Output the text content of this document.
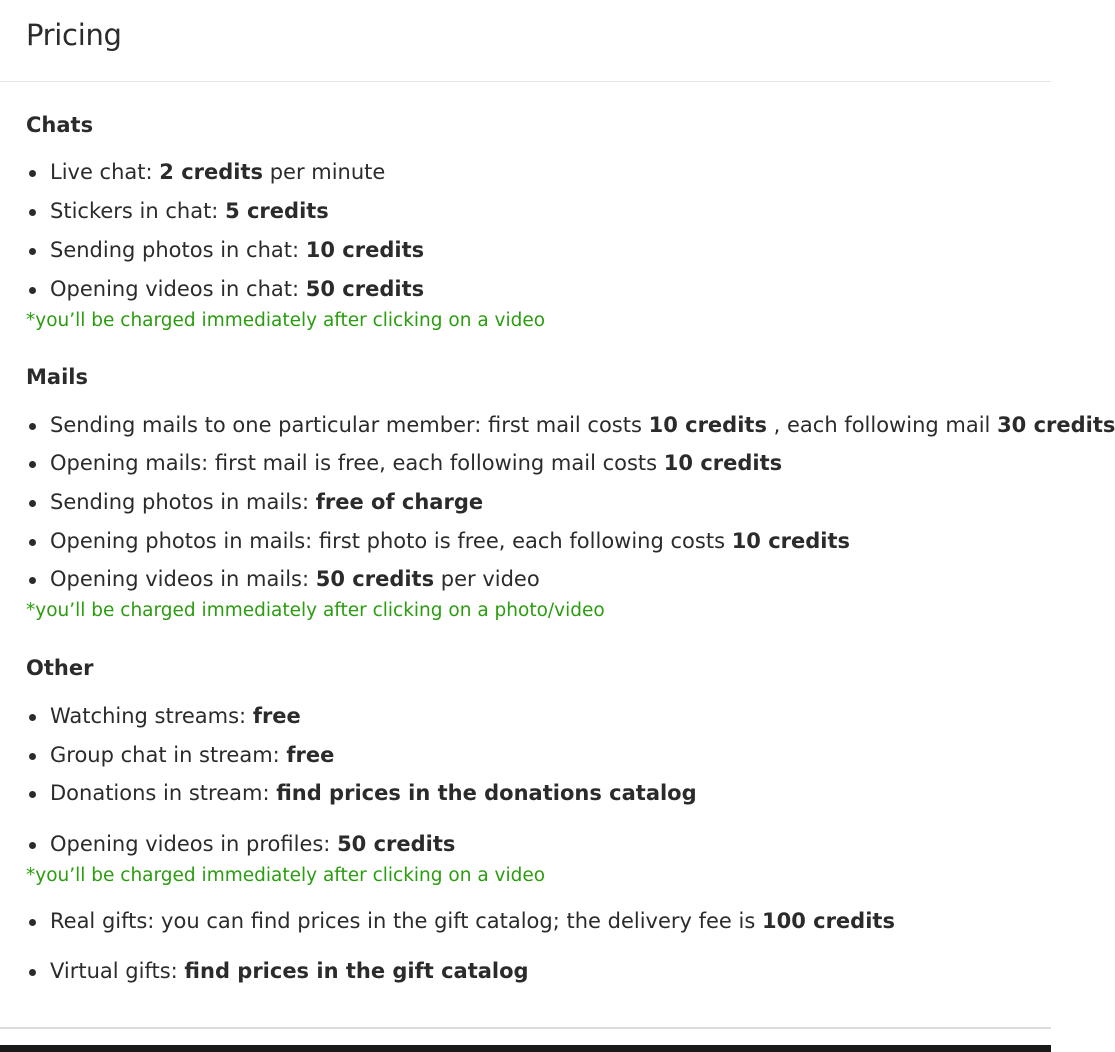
Pricing
Chats
Live chat: 2 credits per minute
Stickers in chat: 5 credits
Sending photos in chat: 10 credits
Opening videos in chat: 50 credits
*you’ll be charged immediately after clicking on a video
Mails
Sending mails to one particular member: first mail costs 10 credits , each following mail 30 credits
Opening mails: first mail is free, each following mail costs 10 credits
Sending photos in mails: free of charge
Opening photos in mails: first photo is free, each following costs 10 credits
Opening videos in mails: 50 credits per video
*you’ll be charged immediately after clicking on a photo/video
Other
Watching streams: free
Group chat in stream: free
Donations in stream: find prices in the donations catalog
Opening videos in profiles: 50 credits
*you’ll be charged immediately after clicking on a video
Real gifts: you can find prices in the gift catalog; the delivery fee is 100 credits
Virtual gifts: find prices in the gift catalog
